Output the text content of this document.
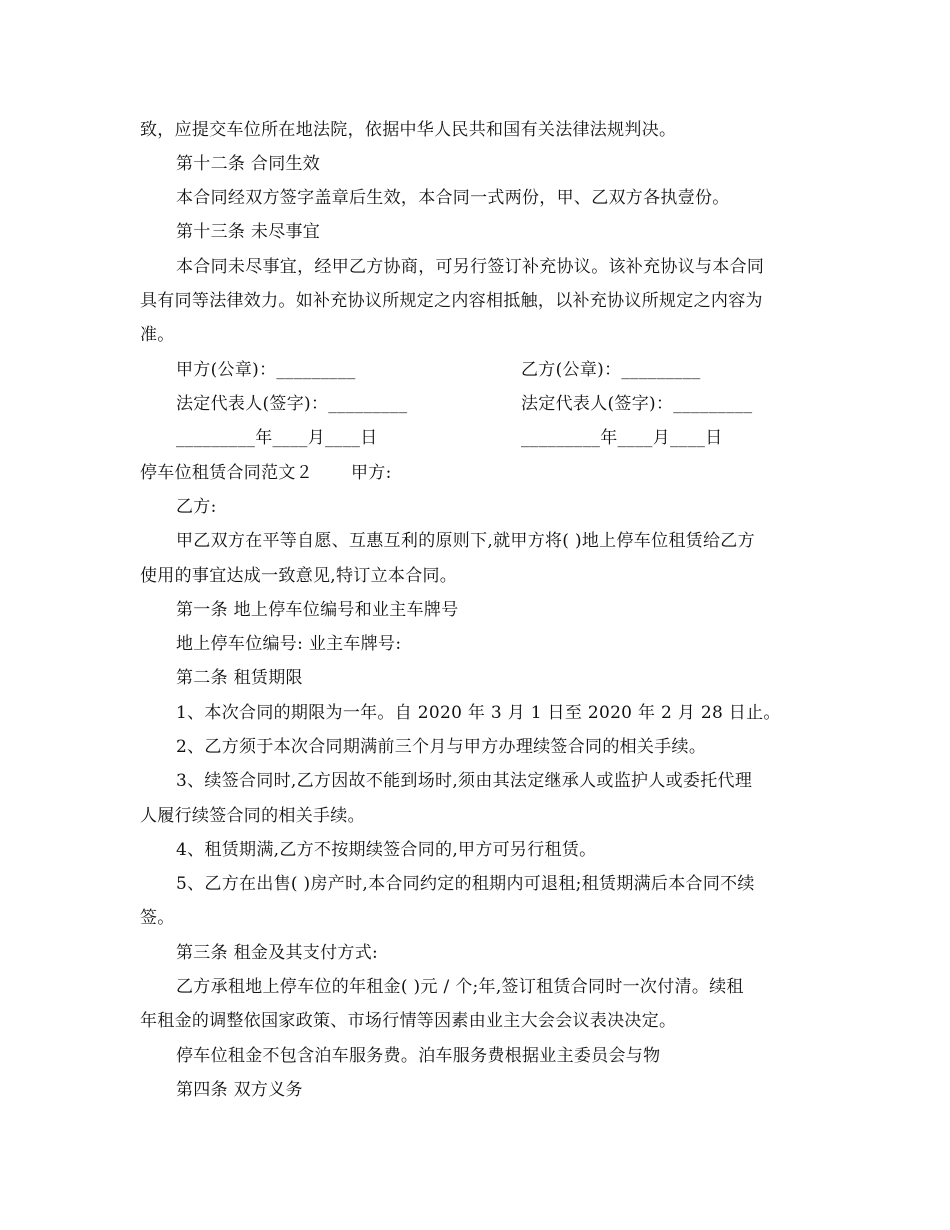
致，应提交车位所在地法院，依据中华人民共和国有关法律法规判决。
第十二条 合同生效
本合同经双方签字盖章后生效，本合同一式两份，甲、乙双方各执壹份。
第十三条 未尽事宜
本合同未尽事宜，经甲乙方协商，可另行签订补充协议。该补充协议与本合同
具有同等法律效力。如补充协议所规定之内容相抵触，以补充协议所规定之内容为
准。
甲方(公章)：_________	乙方(公章)：_________
法定代表人(签字)：_________	法定代表人(签字)：_________
_________年____月____日	_________年____月____日
停车位租赁合同范文２ 甲方:
乙方:
甲乙双方在平等自愿、互惠互利的原则下,就甲方将( )地上停车位租赁给乙方
使用的事宜达成一致意见,特订立本合同。
第一条 地上停车位编号和业主车牌号
地上停车位编号: 业主车牌号:
第二条 租赁期限
1、本次合同的期限为一年。自 2020 年 3 月 1 日至 2020 年 2 月 28 日止。
2、乙方须于本次合同期满前三个月与甲方办理续签合同的相关手续。
3、续签合同时,乙方因故不能到场时,须由其法定继承人或监护人或委托代理
人履行续签合同的相关手续。
4、租赁期满,乙方不按期续签合同的,甲方可另行租赁。
5、乙方在出售( )房产时,本合同约定的租期内可退租;租赁期满后本合同不续
签。
第三条 租金及其支付方式:
乙方承租地上停车位的年租金( )元 / 个;年,签订租赁合同时一次付清。续租
年租金的调整依国家政策、市场行情等因素由业主大会会议表决决定。
停车位租金不包含泊车服务费。泊车服务费根据业主委员会与物
第四条 双方义务
